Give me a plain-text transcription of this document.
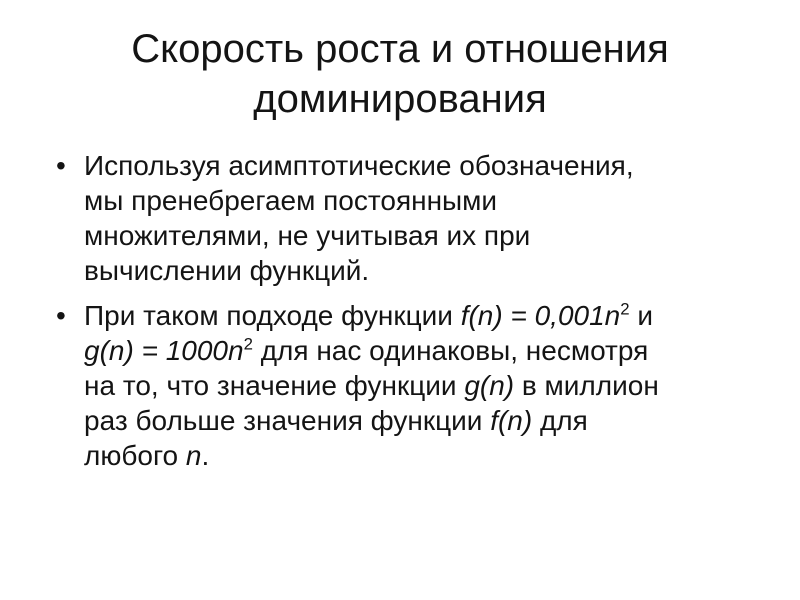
Скорость роста и отношения
доминирования
• Используя асимптотические обозначения,
мы пренебрегаем постоянными
множителями, не учитывая их при
вычислении функций.
• При таком подходе функции $f(n) = 0,001n^2$ и
$g(n) = 1000n^2$ для нас одинаковы, несмотря
на то, что значение функции g(n) в миллион
раз больше значения функции f(n) для
любого n.
